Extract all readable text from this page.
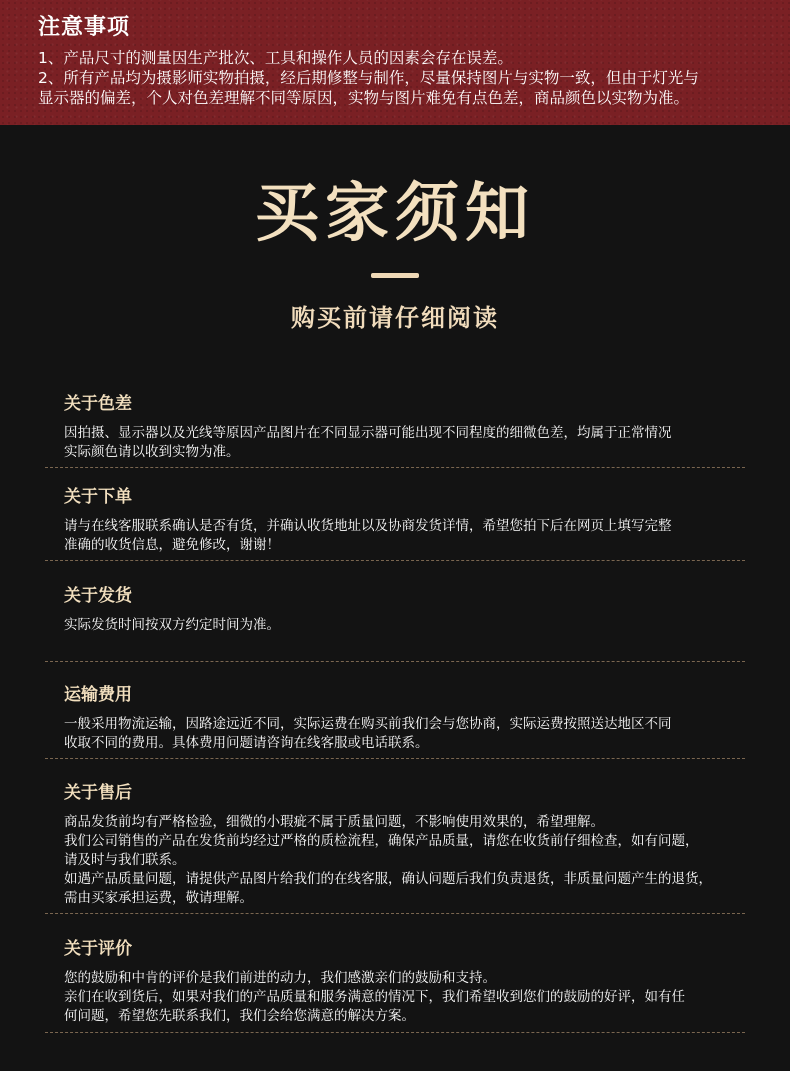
注意事项

1、产品尺寸的测量因生产批次、工具和操作人员的因素会存在误差。

2、所有产品均为摄影师实物拍摄，经后期修整与制作，尽量保持图片与实物一致，但由于灯光与

显示器的偏差，个人对色差理解不同等原因，实物与图片难免有点色差，商品颜色以实物为准。

买家须知
购买前请仔细阅读

关于色差

因拍摄、显示器以及光线等原因产品图片在不同显示器可能出现不同程度的细微色差，均属于正常情况

实际颜色请以收到实物为准。

关于下单

请与在线客服联系确认是否有货，并确认收货地址以及协商发货详情，希望您拍下后在网页上填写完整

准确的收货信息，避免修改，谢谢！

关于发货

实际发货时间按双方约定时间为准。

运输费用

一般采用物流运输，因路途远近不同，实际运费在购买前我们会与您协商，实际运费按照送达地区不同

收取不同的费用。具体费用问题请咨询在线客服或电话联系。

关于售后

商品发货前均有严格检验，细微的小瑕疵不属于质量问题，不影响使用效果的，希望理解。

我们公司销售的产品在发货前均经过严格的质检流程，确保产品质量，请您在收货前仔细检查，如有问题，

请及时与我们联系。

如遇产品质量问题，请提供产品图片给我们的在线客服，确认问题后我们负责退货，非质量问题产生的退货，

需由买家承担运费，敬请理解。

关于评价

您的鼓励和中肯的评价是我们前进的动力，我们感激亲们的鼓励和支持。

亲们在收到货后，如果对我们的产品质量和服务满意的情况下，我们希望收到您们的鼓励的好评，如有任

何问题，希望您先联系我们，我们会给您满意的解决方案。
